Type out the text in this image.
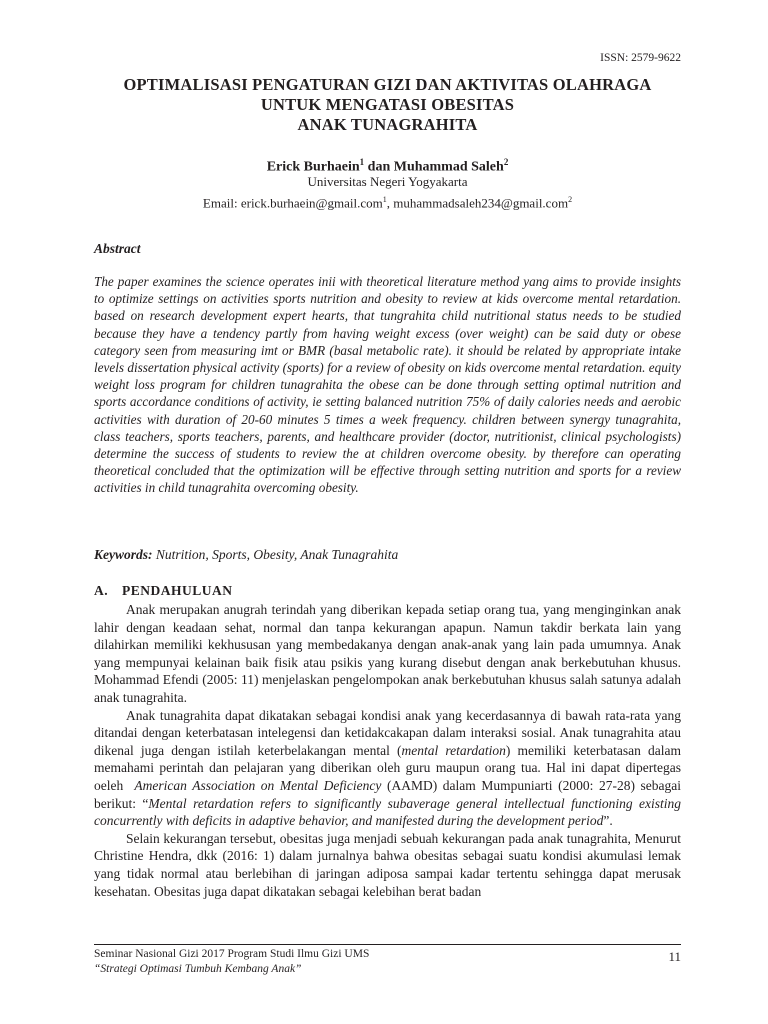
ISSN: 2579-9622
OPTIMALISASI PENGATURAN GIZI DAN AKTIVITAS OLAHRAGA
UNTUK MENGATASI OBESITAS
ANAK TUNAGRAHITA
Erick Burhaein$^1$ dan Muhammad Saleh$^2$
Universitas Negeri Yogyakarta
Email: erick.burhaein@gmail.com$^1$, muhammadsaleh234@gmail.com$^2$
Abstract
The paper examines the science operates inii with theoretical literature method yang aims to provide insights to optimize settings on activities sports nutrition and obesity to review at kids overcome mental retardation. based on research development expert hearts, that tungrahita child nutritional status needs to be studied because they have a tendency partly from having weight excess (over weight) can be said duty or obese category seen from measuring imt or BMR (basal metabolic rate). it should be related by appropriate intake levels dissertation physical activity (sports) for a review of obesity on kids overcome mental retardation. equity weight loss program for children tunagrahita the obese can be done through setting optimal nutrition and sports accordance conditions of activity, ie setting balanced nutrition 75% of daily calories needs and aerobic activities with duration of 20-60 minutes 5 times a week frequency. children between synergy tunagrahita, class teachers, sports teachers, parents, and healthcare provider (doctor, nutritionist, clinical psychologists) determine the success of students to review the at children overcome obesity. by therefore can operating theoretical concluded that the optimization will be effective through setting nutrition and sports for a review activities in child tunagrahita overcoming obesity.
Keywords: Nutrition, Sports, Obesity, Anak Tunagrahita
A. PENDAHULUAN

Anak merupakan anugrah terindah yang diberikan kepada setiap orang tua, yang menginginkan anak lahir dengan keadaan sehat, normal dan tanpa kekurangan apapun. Namun takdir berkata lain yang dilahirkan memiliki kekhususan yang membedakanya dengan anak-anak yang lain pada umumnya. Anak yang mempunyai kelainan baik fisik atau psikis yang kurang disebut dengan anak berkebutuhan khusus. Mohammad Efendi (2005: 11) menjelaskan pengelompokan anak berkebutuhan khusus salah satunya adalah anak tunagrahita.

Anak tunagrahita dapat dikatakan sebagai kondisi anak yang kecerdasannya di bawah rata-rata yang ditandai dengan keterbatasan intelegensi dan ketidakcakapan dalam interaksi sosial. Anak tunagrahita atau dikenal juga dengan istilah keterbelakangan mental (mental retardation) memiliki keterbatasan dalam memahami perintah dan pelajaran yang diberikan oleh guru maupun orang tua. Hal ini dapat dipertegas oeleh  American Association on Mental Deficiency (AAMD) dalam Mumpuniarti (2000: 27-28) sebagai berikut: “Mental retardation refers to significantly subaverage general intellectual functioning existing concurrently with deficits in adaptive behavior, and manifested during the development period”.

Selain kekurangan tersebut, obesitas juga menjadi sebuah kekurangan pada anak tunagrahita, Menurut Christine Hendra, dkk (2016: 1) dalam jurnalnya bahwa obesitas sebagai suatu kondisi akumulasi lemak yang tidak normal atau berlebihan di jaringan adiposa sampai kadar tertentu sehingga dapat merusak kesehatan. Obesitas juga dapat dikatakan sebagai kelebihan berat badan

Seminar Nasional Gizi 2017 Program Studi Ilmu Gizi UMS
“Strategi Optimasi Tumbuh Kembang Anak”
11
